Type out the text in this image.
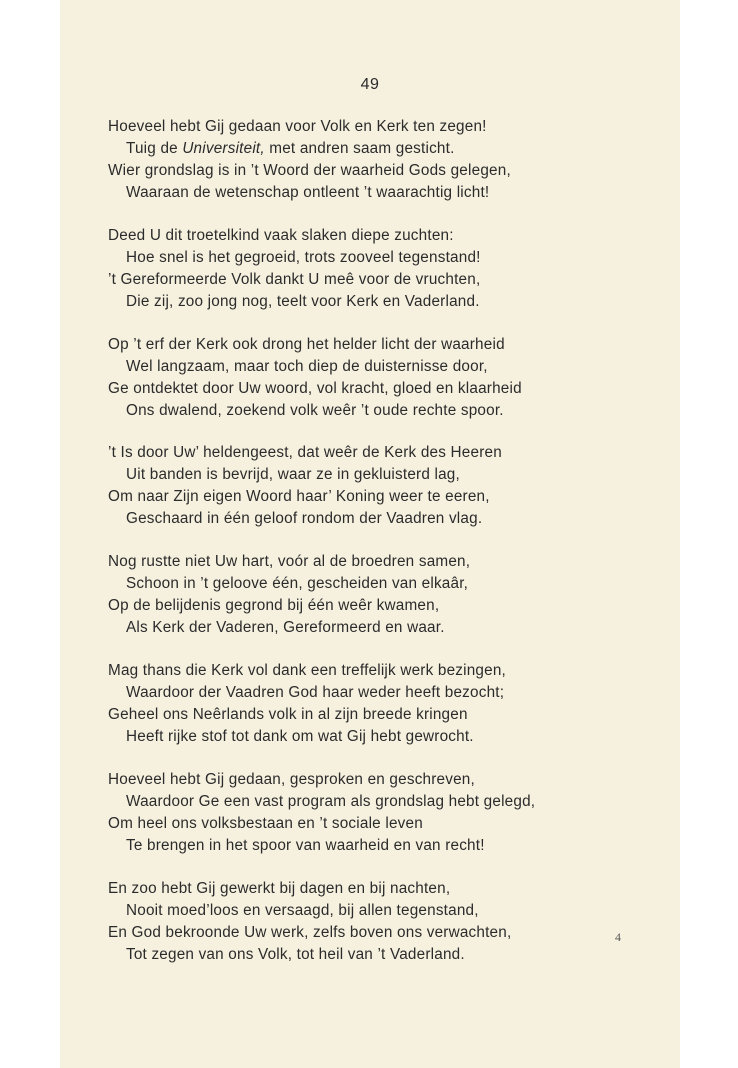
49
Hoeveel hebt Gij gedaan voor Volk en Kerk ten zegen!
Tuig de Universiteit, met andren saam gesticht.
Wier grondslag is in ’t Woord der waarheid Gods gelegen,
Waaraan de wetenschap ontleent ’t waarachtig licht!
Deed U dit troetelkind vaak slaken diepe zuchten:
Hoe snel is het gegroeid, trots zooveel tegenstand!
’t Gereformeerde Volk dankt U meê voor de vruchten,
Die zij, zoo jong nog, teelt voor Kerk en Vaderland.
Op ’t erf der Kerk ook drong het helder licht der waarheid
Wel langzaam, maar toch diep de duisternisse door,
Ge ontdektet door Uw woord, vol kracht, gloed en klaarheid
Ons dwalend, zoekend volk weêr ’t oude rechte spoor.
’t Is door Uw’ heldengeest, dat weêr de Kerk des Heeren
Uit banden is bevrijd, waar ze in gekluisterd lag,
Om naar Zijn eigen Woord haar’ Koning weer te eeren,
Geschaard in één geloof rondom der Vaadren vlag.
Nog rustte niet Uw hart, voór al de broedren samen,
Schoon in ’t geloove één, gescheiden van elkaâr,
Op de belijdenis gegrond bij één weêr kwamen,
Als Kerk der Vaderen, Gereformeerd en waar.
Mag thans die Kerk vol dank een treffelijk werk bezingen,
Waardoor der Vaadren God haar weder heeft bezocht;
Geheel ons Neêrlands volk in al zijn breede kringen
Heeft rijke stof tot dank om wat Gij hebt gewrocht.
Hoeveel hebt Gij gedaan, gesproken en geschreven,
Waardoor Ge een vast program als grondslag hebt gelegd,
Om heel ons volksbestaan en ’t sociale leven
Te brengen in het spoor van waarheid en van recht!
En zoo hebt Gij gewerkt bij dagen en bij nachten,
Nooit moed’loos en versaagd, bij allen tegenstand,
En God bekroonde Uw werk, zelfs boven ons verwachten,
Tot zegen van ons Volk, tot heil van ’t Vaderland.
4
